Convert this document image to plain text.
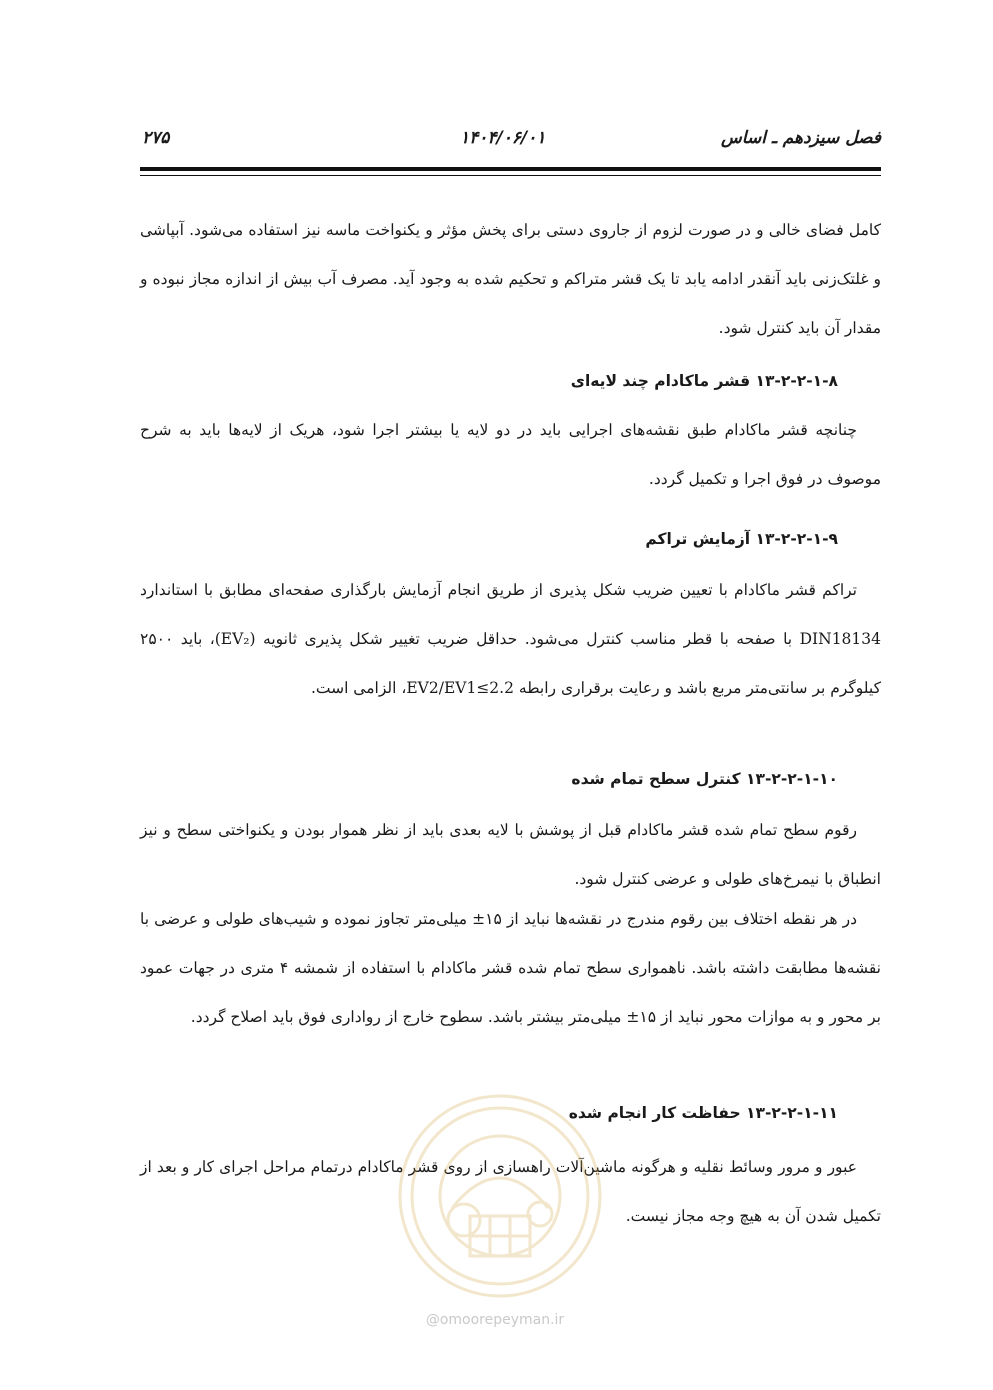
فصل سیزدهم ـ اساس
۱۴۰۴/۰۶/۰۱
۲۷۵

کامل فضای خالی و در صورت لزوم از جاروی دستی برای پخش مؤثر و یکنواخت ماسه نیز استفاده می‌شود. آبپاشی و غلتک‌زنی باید آنقدر ادامه یابد تا یک قشر متراکم و تحکیم شده به وجود آید. مصرف آب بیش از اندازه مجاز نبوده و مقدار آن باید کنترل شود.

۱۳-۲-۲-۱-۸ قشر ماکادام چند لایه‌ای

چنانچه قشر ماکادام طبق نقشه‌های اجرایی باید در دو لایه یا بیشتر اجرا شود، هریک از لایه‌ها باید به شرح موصوف در فوق اجرا و تکمیل گردد.

۱۳-۲-۲-۱-۹ آزمایش تراکم

تراکم قشر ماکادام با تعیین ضریب شکل پذیری از طریق انجام آزمایش بارگذاری صفحه‌ای مطابق با استاندارد DIN18134 با صفحه با قطر مناسب کنترل می‌شود. حداقل ضریب تغییر شکل پذیری ثانویه (EV₂)، باید ۲۵۰۰ کیلوگرم بر سانتی‌متر مربع باشد و رعایت برقراری رابطه EV2/EV1≤2.2، الزامی است.

۱۳-۲-۲-۱-۱۰ کنترل سطح تمام شده

رقوم سطح تمام شده قشر ماکادام قبل از پوشش با لایه بعدی باید از نظر هموار بودن و یکنواختی سطح و نیز انطباق با نیمرخ‌های طولی و عرضی کنترل شود.

در هر نقطه اختلاف بین رقوم مندرج در نقشه‌ها نباید از ۱۵± میلی‌متر تجاوز نموده و شیب‌های طولی و عرضی با نقشه‌ها مطابقت داشته باشد. ناهمواری سطح تمام شده قشر ماکادام با استفاده از شمشه ۴ متری در جهات عمود بر محور و به موازات محور نباید از ۱۵± میلی‌متر بیشتر باشد. سطوح خارج از رواداری فوق باید اصلاح گردد.

۱۳-۲-۲-۱-۱۱ حفاظت کار انجام شده

عبور و مرور وسائط نقلیه و هرگونه ماشین‌آلات راهسازی از روی قشر ماکادام درتمام مراحل اجرای کار و بعد از تکمیل شدن آن به هیچ وجه مجاز نیست.

@omoorepeyman.ir
